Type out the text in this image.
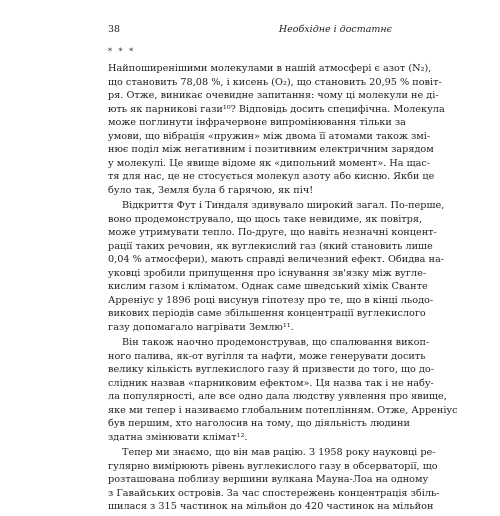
38	Необхідне і достатнє
* * *
Найпоширенішими молекулами в нашій атмосфері є азот (N₂),
що становить 78,08 %, і кисень (O₂), що становить 20,95 % повіт-
ря. Отже, виникає очевидне запитання: чому ці молекули не ді-
ють як парникові гази¹⁰? Відповідь досить специфічна. Молекула
може поглинути інфрачервоне випромінювання тільки за
умови, що вібрація «пружин» між двома її атомами також змі-
нює поділ між негативним і позитивним електричним зарядом
у молекулі. Це явище відоме як «дипольний момент». На щас-
тя для нас, це не стосується молекул азоту або кисню. Якби це
було так, Земля була б гарячою, як піч!
Відкриття Фут і Тиндаля здивувало широкий загал. По-перше,
воно продемонструвало, що щось таке невидиме, як повітря,
може утримувати тепло. По-друге, що навіть незначні концент-
рації таких речовин, як вуглекислий газ (який становить лише
0,04 % атмосфери), мають справді величезний ефект. Обидва на-
уковці зробили припущення про існування зв'язку між вугле-
кислим газом і кліматом. Однак саме шведський хімік Сванте
Арреніус у 1896 році висунув гіпотезу про те, що в кінці льодо-
викових періодів саме збільшення концентрації вуглекислого
газу допомагало нагрівати Землю¹¹.
Він також наочно продемонстрував, що спалювання викоп-
ного палива, як-от вугілля та нафти, може генерувати досить
велику кількість вуглекислого газу й призвести до того, що до-
слідник назвав «парниковим ефектом». Ця назва так і не набу-
ла популярності, але все одно дала людству уявлення про явище,
яке ми тепер і називаємо глобальним потеплінням. Отже, Арреніус
був першим, хто наголосив на тому, що діяльність людини
здатна змінювати клімат¹².
Тепер ми знаємо, що він мав рацію. З 1958 року науковці ре-
гулярно вимірюють рівень вуглекислого газу в обсерваторії, що
розташована поблизу вершини вулкана Мауна-Лоа на одному
з Гавайських островів. За час спостережень концентрація збіль-
шилася з 315 частинок на мільйон до 420 частинок на мільйон
